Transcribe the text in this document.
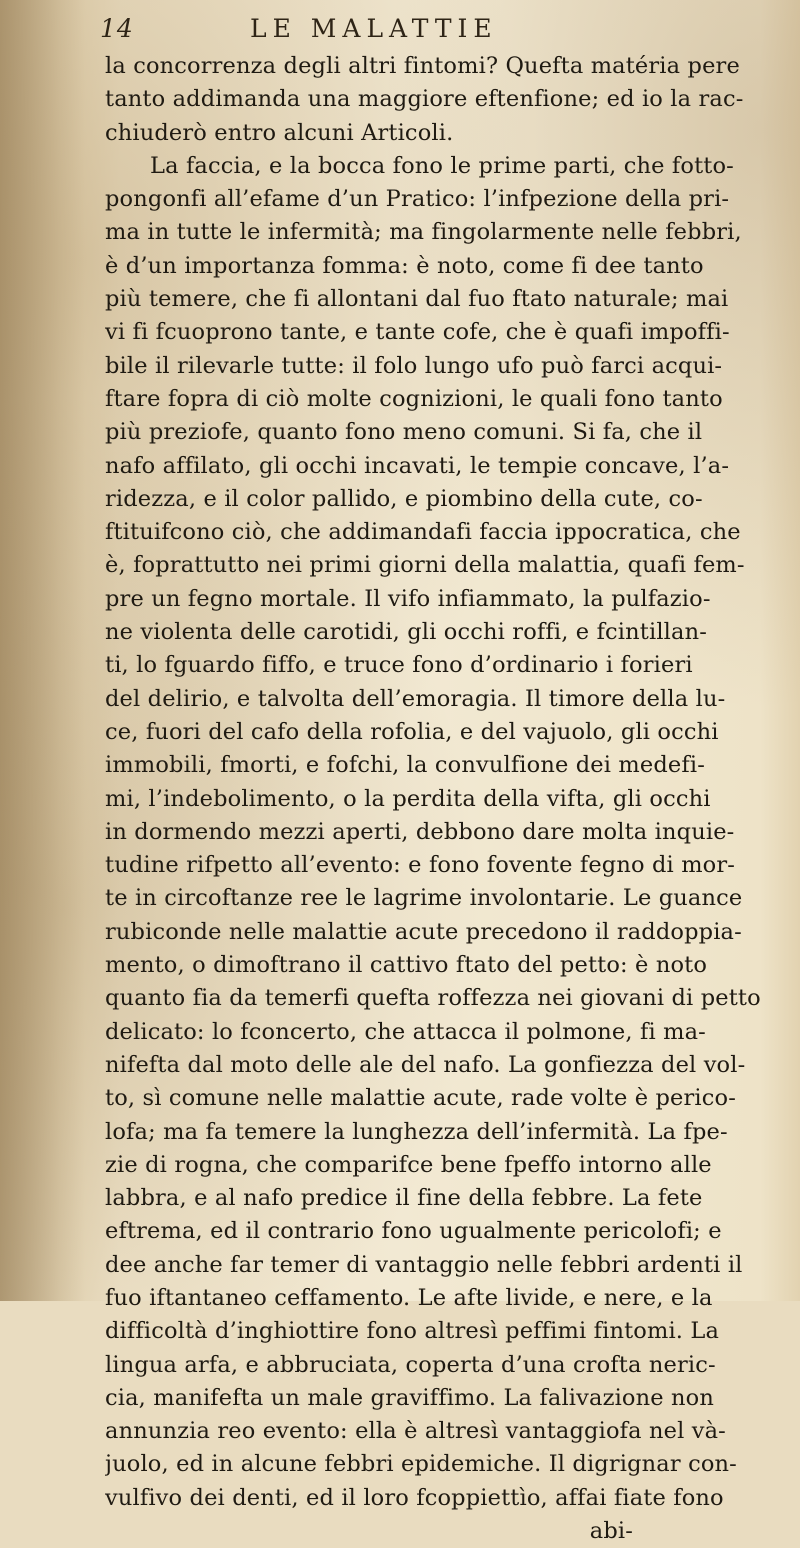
14	LE MALATTIE
la concorrenza degli altri fintomi? Quefta matéria pere
tanto addimanda una maggiore eftenfione; ed io la rac-
chiuderò entro alcuni Articoli.
La faccia, e la bocca fono le prime parti, che fotto-
pongonfi all’efame d’un Pratico: l’infpezione della pri-
ma in tutte le infermità; ma fingolarmente nelle febbri,
è d’un importanza fomma: è noto, come fi dee tanto
più temere, che fi allontani dal fuo ftato naturale; mai
vi fi fcuoprono tante, e tante cofe, che è quafi impoffi-
bile il rilevarle tutte: il folo lungo ufo può farci acqui-
ftare fopra di ciò molte cognizioni, le quali fono tanto
più preziofe, quanto fono meno comuni. Si fa, che il
nafo affilato, gli occhi incavati, le tempie concave, l’a-
ridezza, e il color pallido, e piombino della cute, co-
ftituifcono ciò, che addimandafi faccia ippocratica, che
è, foprattutto nei primi giorni della malattia, quafi fem-
pre un fegno mortale. Il vifo infiammato, la pulfazio-
ne violenta delle carotidi, gli occhi roffi, e fcintillan-
ti, lo fguardo fiffo, e truce fono d’ordinario i forieri
del delirio, e talvolta dell’emoragia. Il timore della lu-
ce, fuori del cafo della rofolia, e del vajuolo, gli occhi
immobili, fmorti, e fofchi, la convulfione dei medefi-
mi, l’indebolimento, o la perdita della vifta, gli occhi
in dormendo mezzi aperti, debbono dare molta inquie-
tudine rifpetto all’evento: e fono fovente fegno di mor-
te in circoftanze ree le lagrime involontarie. Le guance
rubiconde nelle malattie acute precedono il raddoppia-
mento, o dimoftrano il cattivo ftato del petto: è noto
quanto fia da temerfi quefta roffezza nei giovani di petto
delicato: lo fconcerto, che attacca il polmone, fi ma-
nifefta dal moto delle ale del nafo. La gonfiezza del vol-
to, sì comune nelle malattie acute, rade volte è perico-
lofa; ma fa temere la lunghezza dell’infermità. La fpe-
zie di rogna, che comparifce bene fpeffo intorno alle
labbra, e al nafo predice il fine della febbre. La fete
eftrema, ed il contrario fono ugualmente pericolofi; e
dee anche far temer di vantaggio nelle febbri ardenti il
fuo iftantaneo ceffamento. Le afte livide, e nere, e la
difficoltà d’inghiottire fono altresì peffimi fintomi. La
lingua arfa, e abbruciata, coperta d’una crofta neric-
cia, manifefta un male graviffimo. La falivazione non
annunzia reo evento: ella è altresì vantaggiofa nel và-
juolo, ed in alcune febbri epidemiche. Il digrignar con-
vulfivo dei denti, ed il loro fcoppiettìo, affai fiate fono
abi-
